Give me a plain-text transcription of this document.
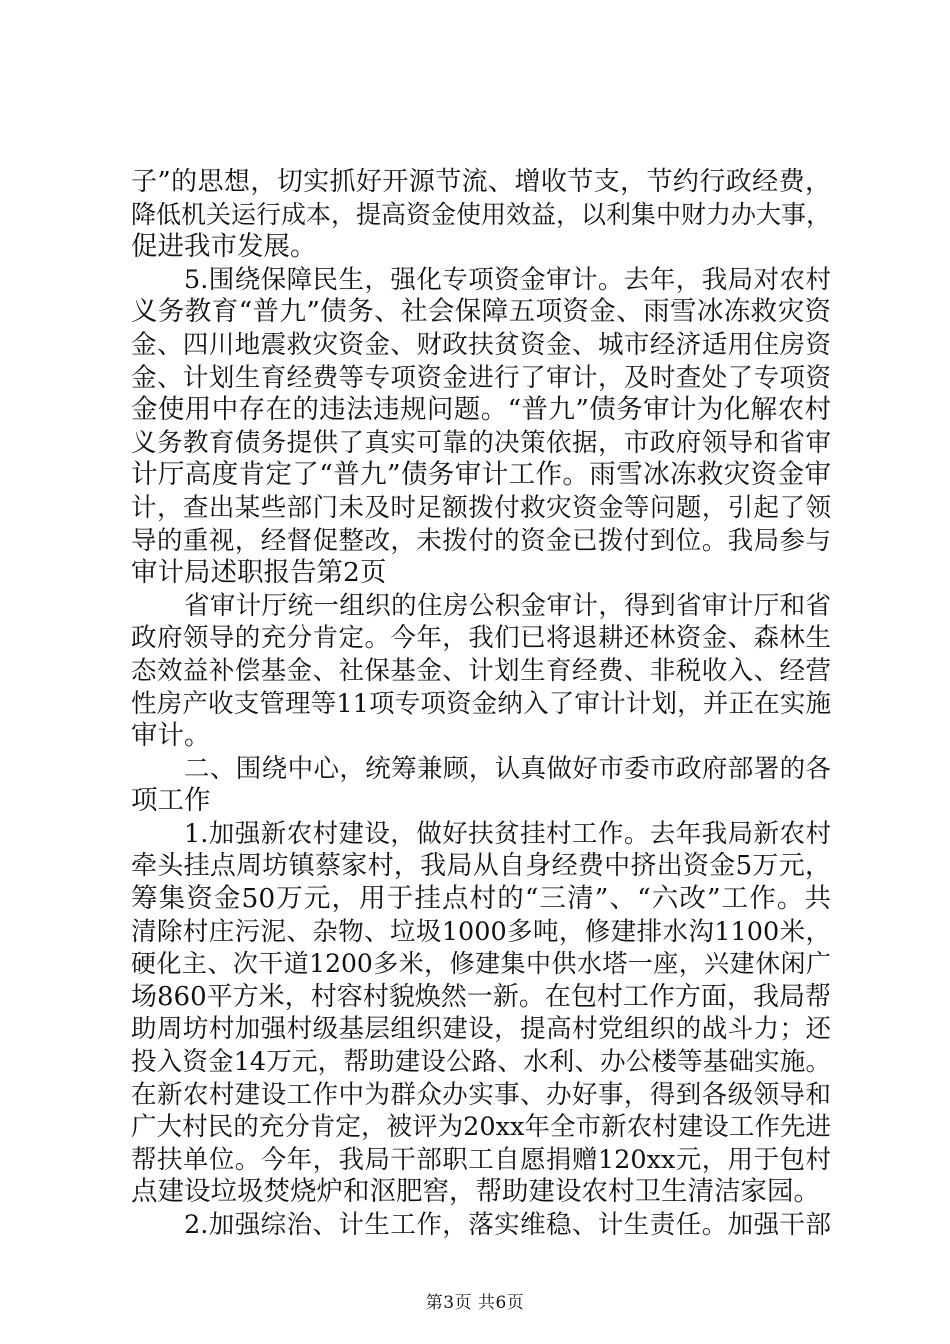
子”的思想，切实抓好开源节流、增收节支，节约行政经费，
降低机关运行成本，提高资金使用效益，以利集中财力办大事，
促进我市发展。
5.围绕保障民生，强化专项资金审计。去年，我局对农村
义务教育“普九”债务、社会保障五项资金、雨雪冰冻救灾资
金、四川地震救灾资金、财政扶贫资金、城市经济适用住房资
金、计划生育经费等专项资金进行了审计，及时查处了专项资
金使用中存在的违法违规问题。“普九”债务审计为化解农村
义务教育债务提供了真实可靠的决策依据，市政府领导和省审
计厅高度肯定了“普九”债务审计工作。雨雪冰冻救灾资金审
计，查出某些部门未及时足额拨付救灾资金等问题，引起了领
导的重视，经督促整改，未拨付的资金已拨付到位。我局参与
审计局述职报告第2页
省审计厅统一组织的住房公积金审计，得到省审计厅和省
政府领导的充分肯定。今年，我们已将退耕还林资金、森林生
态效益补偿基金、社保基金、计划生育经费、非税收入、经营
性房产收支管理等11项专项资金纳入了审计计划，并正在实施
审计。
二、围绕中心，统筹兼顾，认真做好市委市政府部署的各
项工作
1.加强新农村建设，做好扶贫挂村工作。去年我局新农村
牵头挂点周坊镇蔡家村，我局从自身经费中挤出资金5万元，
筹集资金50万元，用于挂点村的“三清”、“六改”工作。共
清除村庄污泥、杂物、垃圾1000多吨，修建排水沟1100米，
硬化主、次干道1200多米，修建集中供水塔一座，兴建休闲广
场860平方米，村容村貌焕然一新。在包村工作方面，我局帮
助周坊村加强村级基层组织建设，提高村党组织的战斗力；还
投入资金14万元，帮助建设公路、水利、办公楼等基础实施。
在新农村建设工作中为群众办实事、办好事，得到各级领导和
广大村民的充分肯定，被评为20xx年全市新农村建设工作先进
帮扶单位。今年，我局干部职工自愿捐赠120xx元，用于包村
点建设垃圾焚烧炉和沤肥窖，帮助建设农村卫生清洁家园。
2.加强综治、计生工作，落实维稳、计生责任。加强干部
第3页 共6页
